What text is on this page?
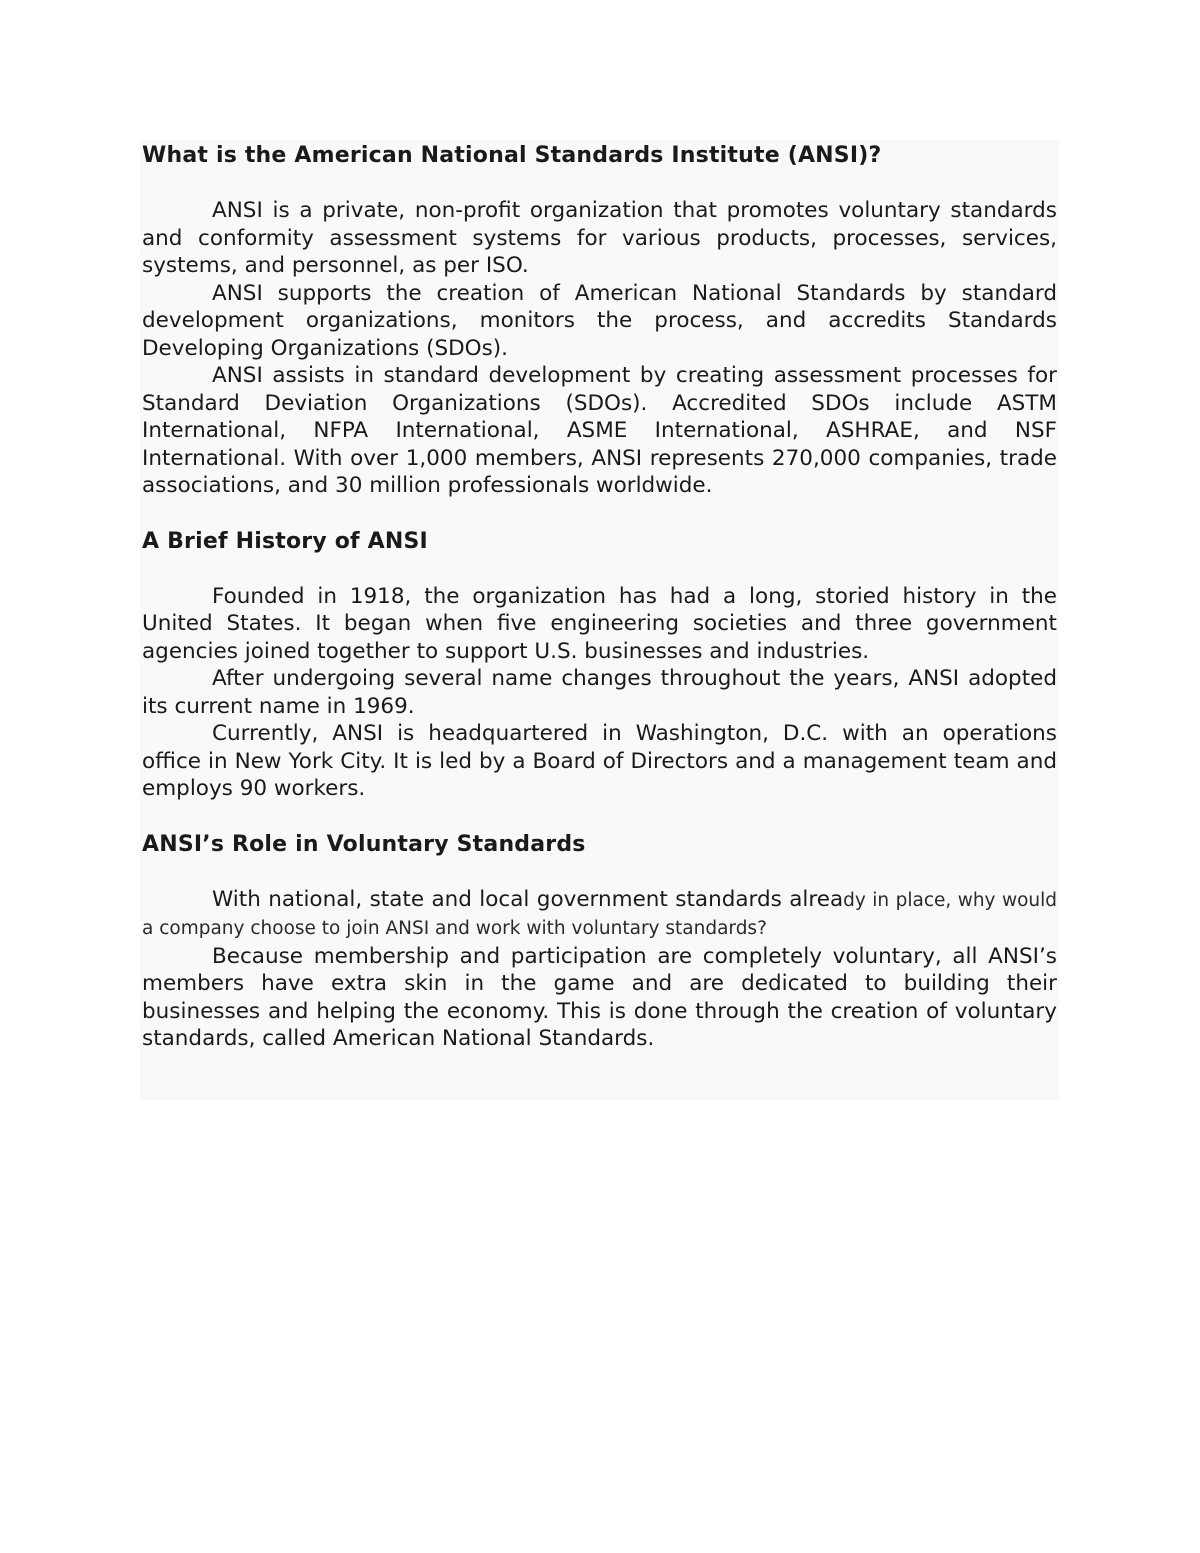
What is the American National Standards Institute (ANSI)?

ANSI is a private, non-profit organization that promotes voluntary standards and conformity assessment systems for various products, processes, services, systems, and personnel, as per ISO.

ANSI supports the creation of American National Standards by standard development organizations, monitors the process, and accredits Standards Developing Organizations (SDOs).

ANSI assists in standard development by creating assessment processes for Standard Deviation Organizations (SDOs). Accredited SDOs include ASTM International, NFPA International, ASME International, ASHRAE, and NSF International. With over 1,000 members, ANSI represents 270,000 companies, trade associations, and 30 million professionals worldwide.

A Brief History of ANSI

Founded in 1918, the organization has had a long, storied history in the United States. It began when five engineering societies and three government agencies joined together to support U.S. businesses and industries.

After undergoing several name changes throughout the years, ANSI adopted its current name in 1969.

Currently, ANSI is headquartered in Washington, D.C. with an operations office in New York City. It is led by a Board of Directors and a management team and employs 90 workers.

ANSI’s Role in Voluntary Standards

With national, state and local government standards already in place, why would a company choose to join ANSI and work with voluntary standards?

Because membership and participation are completely voluntary, all ANSI’s members have extra skin in the game and are dedicated to building their businesses and helping the economy. This is done through the creation of voluntary standards, called American National Standards.
